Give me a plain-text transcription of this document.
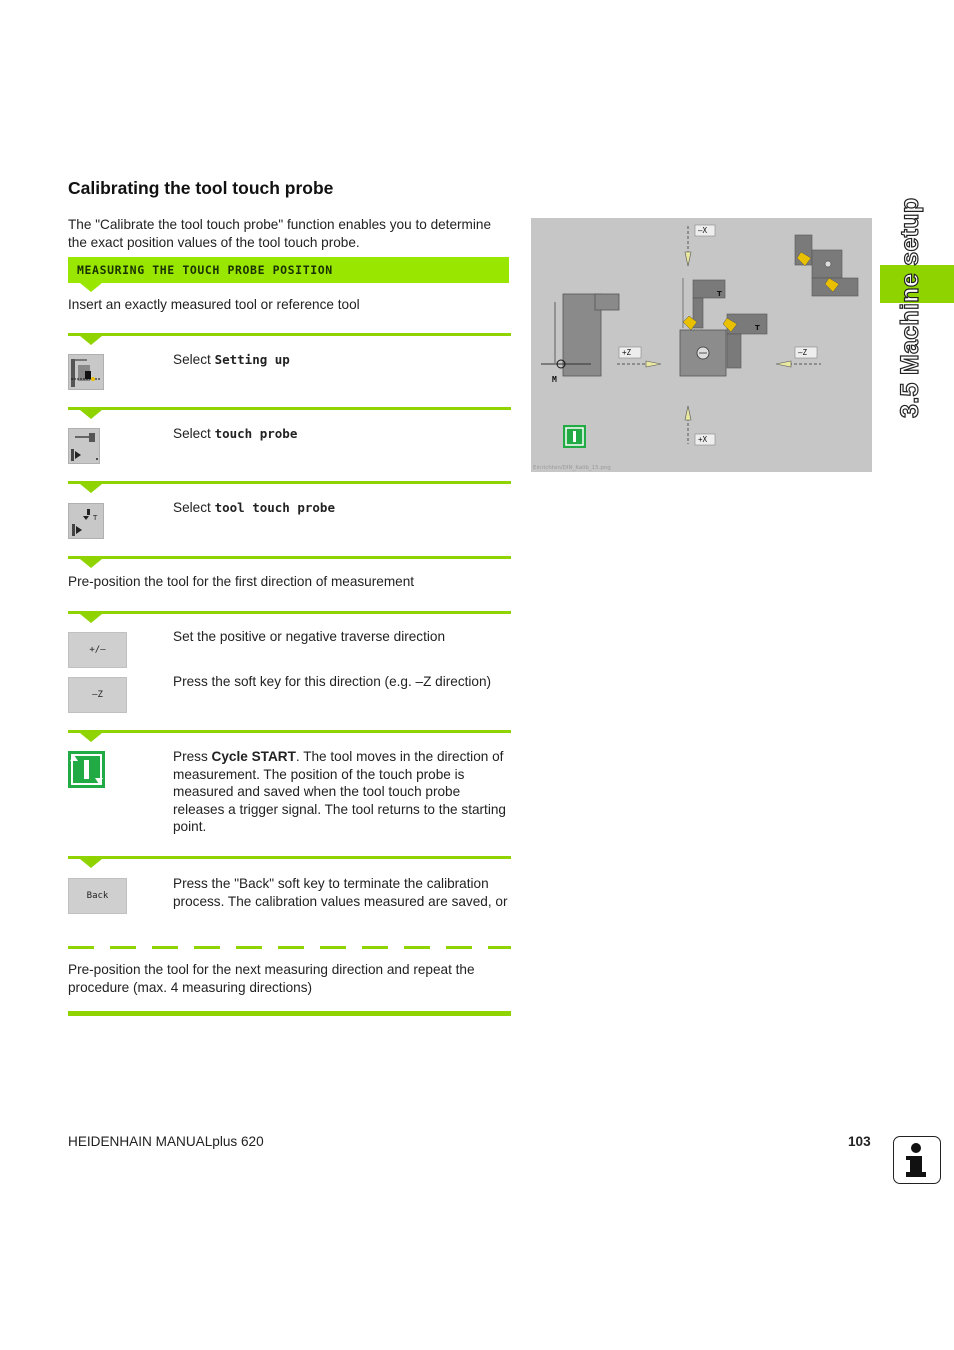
Calibrating the tool touch probe
The "Calibrate the tool touch probe" function enables you to determine the exact position values of the tool touch probe.
MEASURING THE TOUCH PROBE POSITION
Insert an exactly measured tool or reference tool
Select Setting up
Select touch probe
T
Select tool touch probe
Pre-position the tool for the first direction of measurement
+/–
Set the positive or negative traverse direction
–Z
Press the soft key for this direction (e.g. –Z direction)
Press Cycle START. The tool moves in the direction of measurement. The position of the touch probe is measured and saved when the tool touch probe releases a trigger signal. The tool returns to the starting point.
Back
Press the "Back" soft key to terminate the calibration process. The calibration values measured are saved, or
Pre-position the tool for the next measuring direction and repeat the procedure (max. 4 measuring directions)
M
–X
+X
+Z	–Z
T
T
Einrichten/DIN_Kalib_15.png
3.5 Machine setup
HEIDENHAIN MANUALplus 620	103
